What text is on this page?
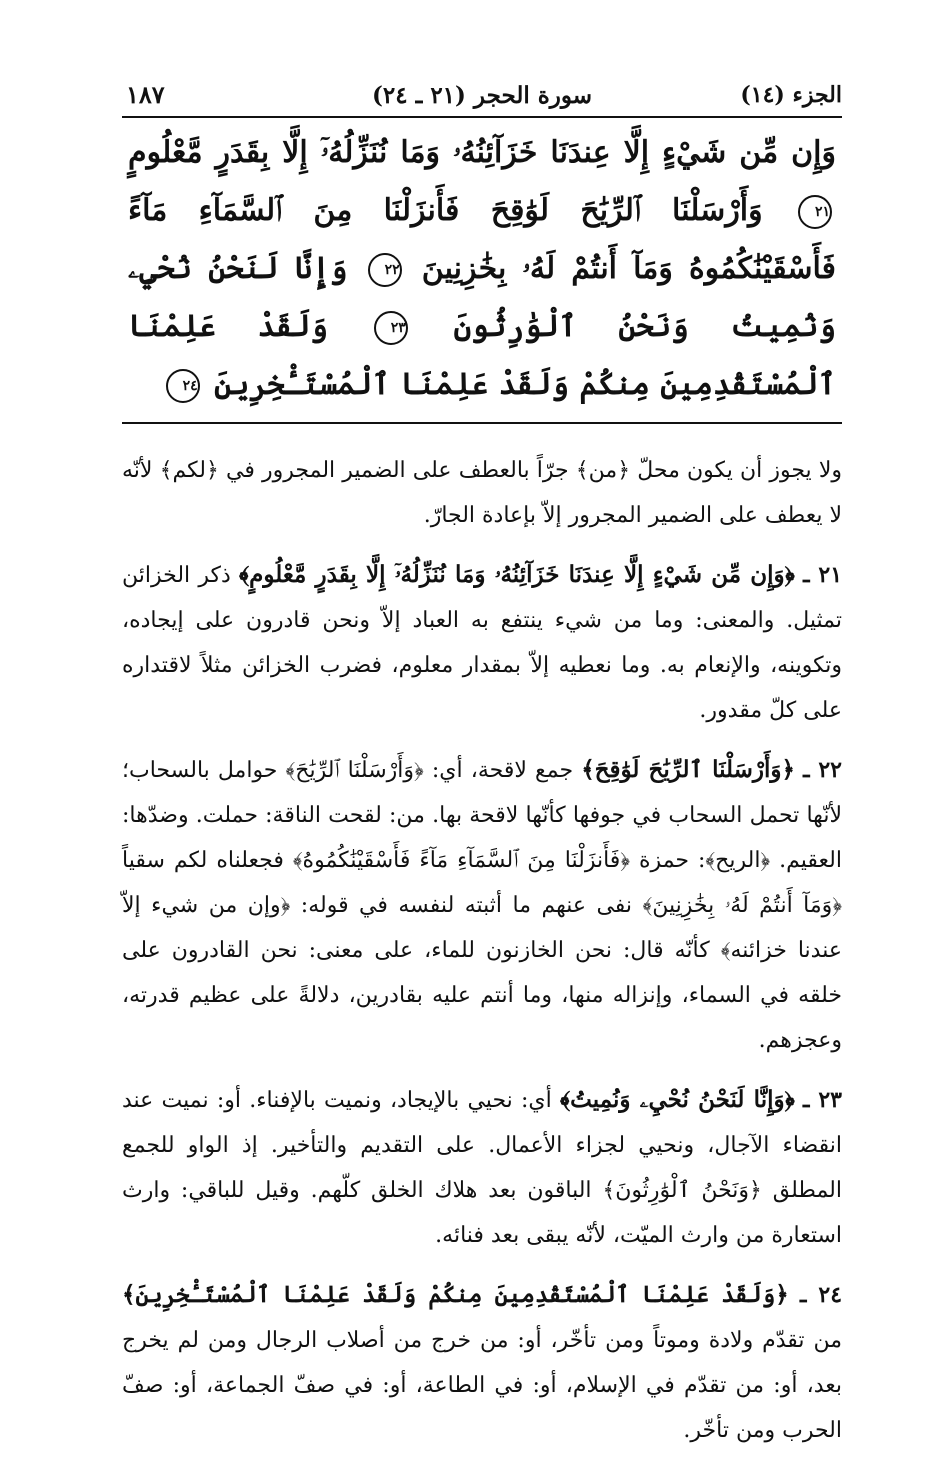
الجزء (١٤)
سورة الحجر (٢١ ـ ٢٤)
١٨٧
وَإِن مِّن شَيْءٍ إِلَّا عِندَنَا خَزَآئِنُهُۥ وَمَا نُنَزِّلُهُۥٓ إِلَّا بِقَدَرٍ مَّعْلُومٍ ٢١ وَأَرْسَلْنَا ٱلرِّيَٰحَ لَوَٰقِحَ فَأَنزَلْنَا مِنَ ٱلسَّمَآءِ مَآءً فَأَسْقَيْنَٰكُمُوهُ وَمَآ أَنتُمْ لَهُۥ بِخَٰزِنِينَ ٢٢ وَإِنَّا لَنَحْنُ نُحْيِۦ وَنُمِيتُ وَنَحْنُ ٱلْوَٰرِثُونَ ٢٣ وَلَقَدْ عَلِمْنَا ٱلْمُسْتَقْدِمِينَ مِنكُمْ وَلَقَدْ عَلِمْنَا ٱلْمُسْتَـْٔخِرِينَ ٢٤

ولا يجوز أن يكون محلّ ﴿من﴾ جرّاً بالعطف على الضمير المجرور في ﴿لكم﴾ لأنّه لا يعطف على الضمير المجرور إلاّ بإعادة الجارّ.

٢١ ـ ﴿وَإِن مِّن شَيْءٍ إِلَّا عِندَنَا خَزَآئِنُهُۥ وَمَا نُنَزِّلُهُۥٓ إِلَّا بِقَدَرٍ مَّعْلُومٍ﴾ ذكر الخزائن تمثيل. والمعنى: وما من شيء ينتفع به العباد إلاّ ونحن قادرون على إيجاده، وتكوينه، والإنعام به. وما نعطيه إلاّ بمقدار معلوم، فضرب الخزائن مثلاً لاقتداره على كلّ مقدور.

٢٢ ـ ﴿وَأَرْسَلْنَا ٱلرِّيَٰحَ لَوَٰقِحَ﴾ جمع لاقحة، أي: ﴿وَأَرْسَلْنَا ٱلرِّيَٰحَ﴾ حوامل بالسحاب؛ لأنّها تحمل السحاب في جوفها كأنّها لاقحة بها. من: لقحت الناقة: حملت. وضدّها: العقيم. ﴿الريح﴾: حمزة ﴿فَأَنزَلْنَا مِنَ ٱلسَّمَآءِ مَآءً فَأَسْقَيْنَٰكُمُوهُ﴾ فجعلناه لكم سقياً ﴿وَمَآ أَنتُمْ لَهُۥ بِخَٰزِنِينَ﴾ نفى عنهم ما أثبته لنفسه في قوله: ﴿وإن من شيء إلاّ عندنا خزائنه﴾ كأنّه قال: نحن الخازنون للماء، على معنى: نحن القادرون على خلقه في السماء، وإنزاله منها، وما أنتم عليه بقادرين، دلالةً على عظيم قدرته، وعجزهم.

٢٣ ـ ﴿وَإِنَّا لَنَحْنُ نُحْيِۦ وَنُمِيتُ﴾ أي: نحيي بالإيجاد، ونميت بالإفناء. أو: نميت عند انقضاء الآجال، ونحيي لجزاء الأعمال. على التقديم والتأخير. إذ الواو للجمع المطلق ﴿وَنَحْنُ ٱلْوَٰرِثُونَ﴾ الباقون بعد هلاك الخلق كلّهم. وقيل للباقي: وارث استعارة من وارث الميّت، لأنّه يبقى بعد فنائه.

٢٤ ـ ﴿وَلَقَدْ عَلِمْنَا ٱلْمُسْتَقْدِمِينَ مِنكُمْ وَلَقَدْ عَلِمْنَا ٱلْمُسْتَـْٔخِرِينَ﴾ من تقدّم ولادة وموتاً ومن تأخّر، أو: من خرج من أصلاب الرجال ومن لم يخرج بعد، أو: من تقدّم في الإسلام، أو: في الطاعة، أو: في صفّ الجماعة، أو: صفّ الحرب ومن تأخّر.
